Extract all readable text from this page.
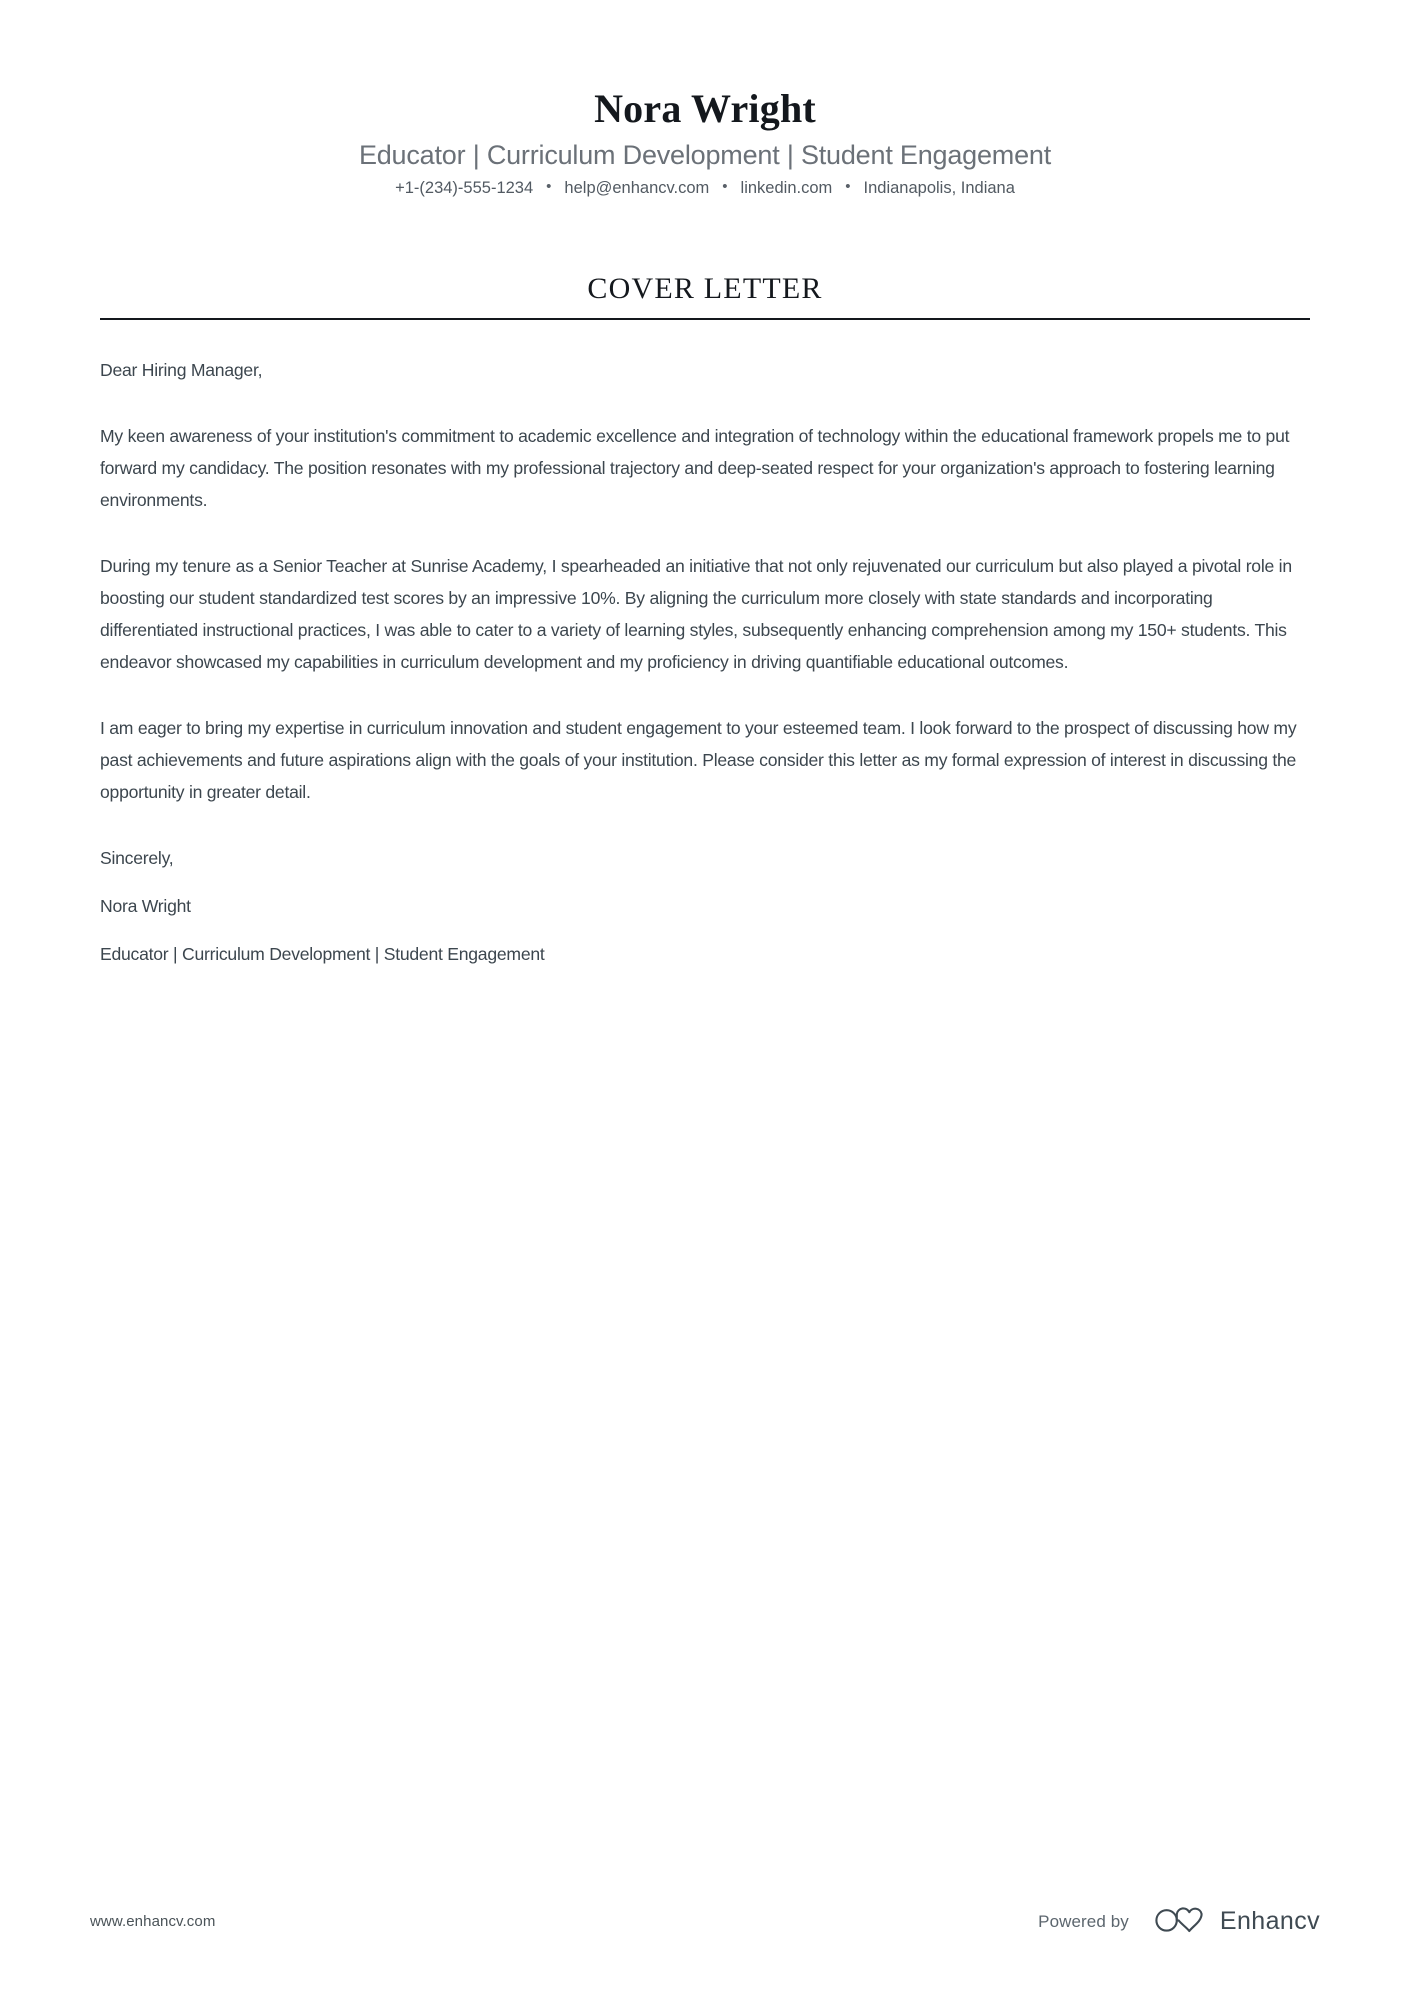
Nora Wright

Educator | Curriculum Development | Student Engagement

+1-(234)-555-1234 • help@enhancv.com • linkedin.com • Indianapolis, Indiana
COVER LETTER

Dear Hiring Manager,

My keen awareness of your institution's commitment to academic excellence and integration of technology within the educational framework propels me to put forward my candidacy. The position resonates with my professional trajectory and deep-seated respect for your organization's approach to fostering learning environments.

During my tenure as a Senior Teacher at Sunrise Academy, I spearheaded an initiative that not only rejuvenated our curriculum but also played a pivotal role in boosting our student standardized test scores by an impressive 10%. By aligning the curriculum more closely with state standards and incorporating differentiated instructional practices, I was able to cater to a variety of learning styles, subsequently enhancing comprehension among my 150+ students. This endeavor showcased my capabilities in curriculum development and my proficiency in driving quantifiable educational outcomes.

I am eager to bring my expertise in curriculum innovation and student engagement to your esteemed team. I look forward to the prospect of discussing how my past achievements and future aspirations align with the goals of your institution. Please consider this letter as my formal expression of interest in discussing the opportunity in greater detail.

Sincerely,

Nora Wright

Educator | Curriculum Development | Student Engagement

www.enhancv.com	Powered by	Enhancv
